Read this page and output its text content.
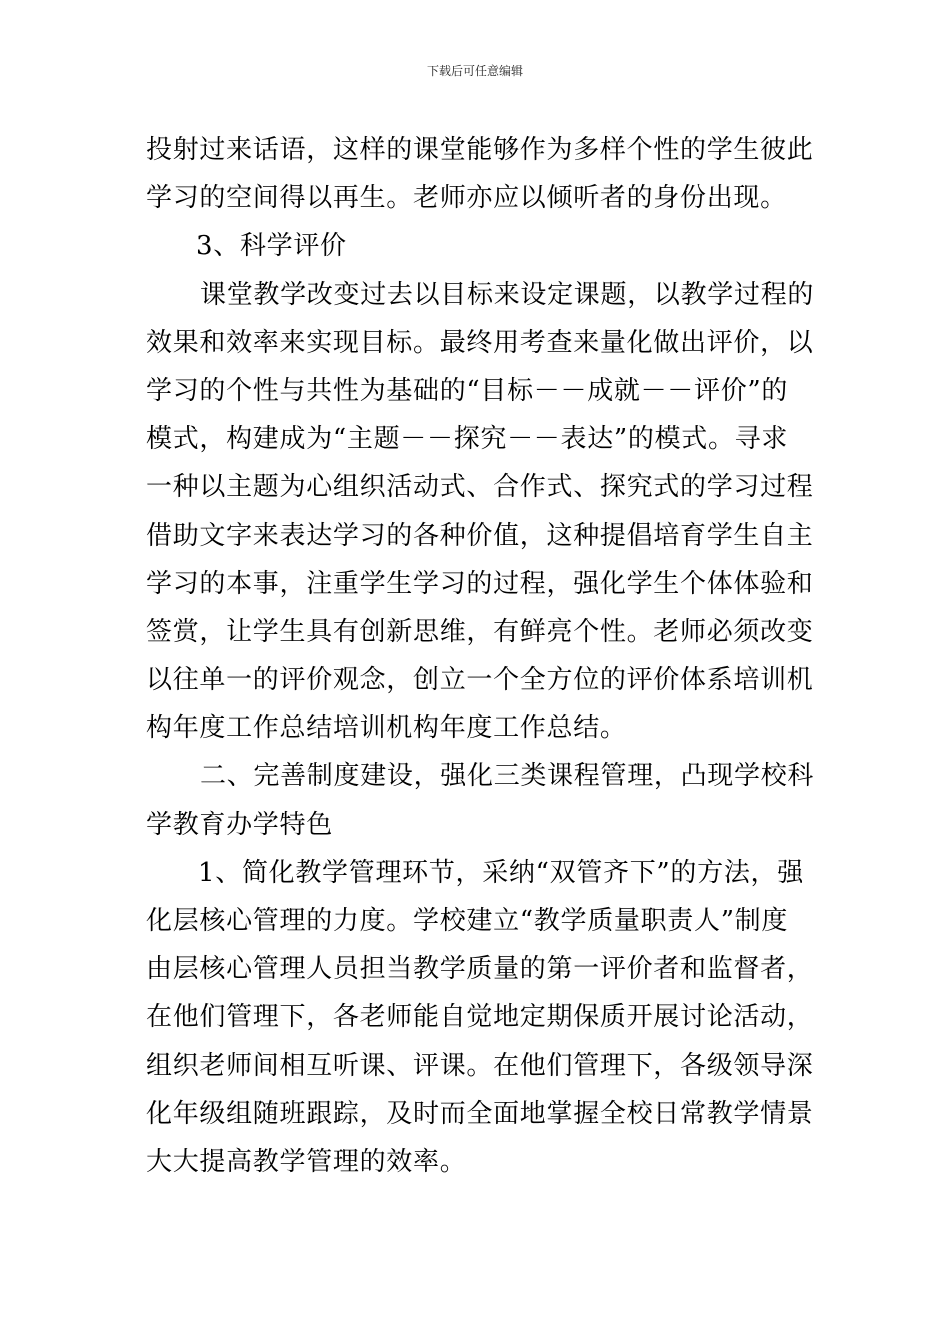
下载后可任意编辑
投射过来话语，这样的课堂能够作为多样个性的学生彼此
学习的空间得以再生。老师亦应以倾听者的身份出现。
3、科学评价
课堂教学改变过去以目标来设定课题，以教学过程的
效果和效率来实现目标。最终用考查来量化做出评价，以
学习的个性与共性为基础的“目标－－成就－－评价”的
模式，构建成为“主题－－探究－－表达”的模式。寻求
一种以主题为心组织活动式、合作式、探究式的学习过程
借助文字来表达学习的各种价值，这种提倡培育学生自主
学习的本事，注重学生学习的过程，强化学生个体体验和
签赏，让学生具有创新思维，有鲜亮个性。老师必须改变
以往单一的评价观念，创立一个全方位的评价体系培训机
构年度工作总结培训机构年度工作总结。
二、完善制度建设，强化三类课程管理，凸现学校科
学教育办学特色
1、简化教学管理环节，采纳“双管齐下”的方法，强
化层核心管理的力度。学校建立“教学质量职责人”制度
由层核心管理人员担当教学质量的第一评价者和监督者，
在他们管理下，各老师能自觉地定期保质开展讨论活动，
组织老师间相互听课、评课。在他们管理下，各级领导深
化年级组随班跟踪，及时而全面地掌握全校日常教学情景
大大提高教学管理的效率。
